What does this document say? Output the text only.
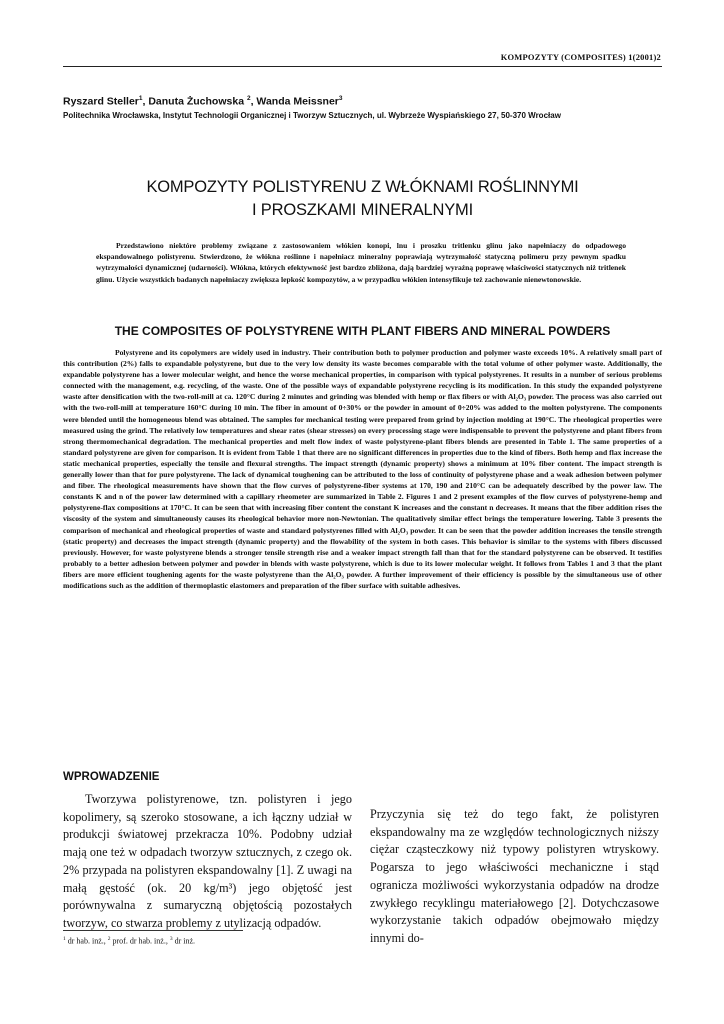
KOMPOZYTY (COMPOSITES) 1(2001)2
Ryszard Steller$^1$, Danuta Żuchowska $^2$, Wanda Meissner$^3$
Politechnika Wrocławska, Instytut Technologii Organicznej i Tworzyw Sztucznych, ul. Wybrzeże Wyspiańskiego 27, 50-370 Wrocław
KOMPOZYTY POLISTYRENU Z WŁÓKNAMI ROŚLINNYMI
I PROSZKAMI MINERALNYMI
Przedstawiono niektóre problemy związane z zastosowaniem włókien konopi, lnu i proszku tritlenku glinu jako napełniaczy do odpadowego ekspandowalnego polistyrenu. Stwierdzono, że włókna roślinne i napełniacz mineralny poprawiają wytrzymałość statyczną polimeru przy pewnym spadku wytrzymałości dynamicznej (udarności). Włókna, których efektywność jest bardzo zbliżona, dają bardziej wyraźną poprawę właściwości statycznych niż tritlenek glinu. Użycie wszystkich badanych napełniaczy zwiększa lepkość kompozytów, a w przypadku włókien intensyfikuje też zachowanie nienewtonowskie.
THE COMPOSITES OF POLYSTYRENE WITH PLANT FIBERS AND MINERAL POWDERS
Polystyrene and its copolymers are widely used in industry. Their contribution both to polymer production and polymer waste exceeds 10%. A relatively small part of this contribution (2%) falls to expandable polystyrene, but due to the very low density its waste becomes comparable with the total volume of other polymer waste. Additionally, the expandable polystyrene has a lower molecular weight, and hence the worse mechanical properties, in comparison with typical polystyrenes. It results in a number of serious problems connected with the management, e.g. recycling, of the waste. One of the possible ways of expandable polystyrene recycling is its modification. In this study the expanded polystyrene waste after densification with the two-roll-mill at ca. 120°C during 2 minutes and grinding was blended with hemp or flax fibers or with Al₂O₃ powder. The process was also carried out with the two-roll-mill at temperature 160°C during 10 min. The fiber in amount of 0÷30% or the powder in amount of 0÷20% was added to the molten polystyrene. The components were blended until the homogeneous blend was obtained. The samples for mechanical testing were prepared from grind by injection molding at 190°C. The rheological properties were measured using the grind. The relatively low temperatures and shear rates (shear stresses) on every processing stage were indispensable to prevent the polystyrene and plant fibers from strong thermomechanical degradation. The mechanical properties and melt flow index of waste polystyrene-plant fibers blends are presented in Table 1. The same properties of a standard polystyrene are given for comparison. It is evident from Table 1 that there are no significant differences in properties due to the kind of fibers. Both hemp and flax increase the static mechanical properties, especially the tensile and flexural strengths. The impact strength (dynamic property) shows a minimum at 10% fiber content. The impact strength is generally lower than that for pure polystyrene. The lack of dynamical toughening can be attributed to the loss of continuity of polystyrene phase and a weak adhesion between polymer and fiber. The rheological measurements have shown that the flow curves of polystyrene-fiber systems at 170, 190 and 210°C can be adequately described by the power law. The constants K and n of the power law determined with a capillary rheometer are summarized in Table 2. Figures 1 and 2 present examples of the flow curves of polystyrene-hemp and polystyrene-flax compositions at 170°C. It can be seen that with increasing fiber content the constant K increases and the constant n decreases. It means that the fiber addition rises the viscosity of the system and simultaneously causes its rheological behavior more non-Newtonian. The qualitatively similar effect brings the temperature lowering. Table 3 presents the comparison of mechanical and rheological properties of waste and standard polystyrenes filled with Al₂O₃ powder. It can be seen that the powder addition increases the tensile strength (static property) and decreases the impact strength (dynamic property) and the flowability of the system in both cases. This behavior is similar to the systems with fibers discussed previously. However, for waste polystyrene blends a stronger tensile strength rise and a weaker impact strength fall than that for the standard polystyrene can be observed. It testifies probably to a better adhesion between polymer and powder in blends with waste polystyrene, which is due to its lower molecular weight. It follows from Tables 1 and 3 that the plant fibers are more efficient toughening agents for the waste polystyrene than the Al₂O₃ powder. A further improvement of their efficiency is possible by the simultaneous use of other modifications such as the addition of thermoplastic elastomers and preparation of the fiber surface with suitable adhesives.
WPROWADZENIE
Tworzywa polistyrenowe, tzn. polistyren i jego kopolimery, są szeroko stosowane, a ich łączny udział w produkcji światowej przekracza 10%. Podobny udział mają one też w odpadach tworzyw sztucznych, z czego ok. 2% przypada na polistyren ekspandowalny [1]. Z uwagi na małą gęstość (ok. 20 kg/m³) jego objętość jest porównywalna z sumaryczną objętością pozostałych tworzyw, co stwarza problemy z utylizacją odpadów.
Przyczynia się też do tego fakt, że polistyren ekspandowalny ma ze względów technologicznych niższy ciężar cząsteczkowy niż typowy polistyren wtryskowy. Pogarsza to jego właściwości mechaniczne i stąd ogranicza możliwości wykorzystania odpadów na drodze zwykłego recyklingu materiałowego [2]. Dotychczasowe wykorzystanie takich odpadów obejmowało między innymi do-
$^1$ dr hab. inż., $^2$ prof. dr hab. inż., $^3$ dr inż.
